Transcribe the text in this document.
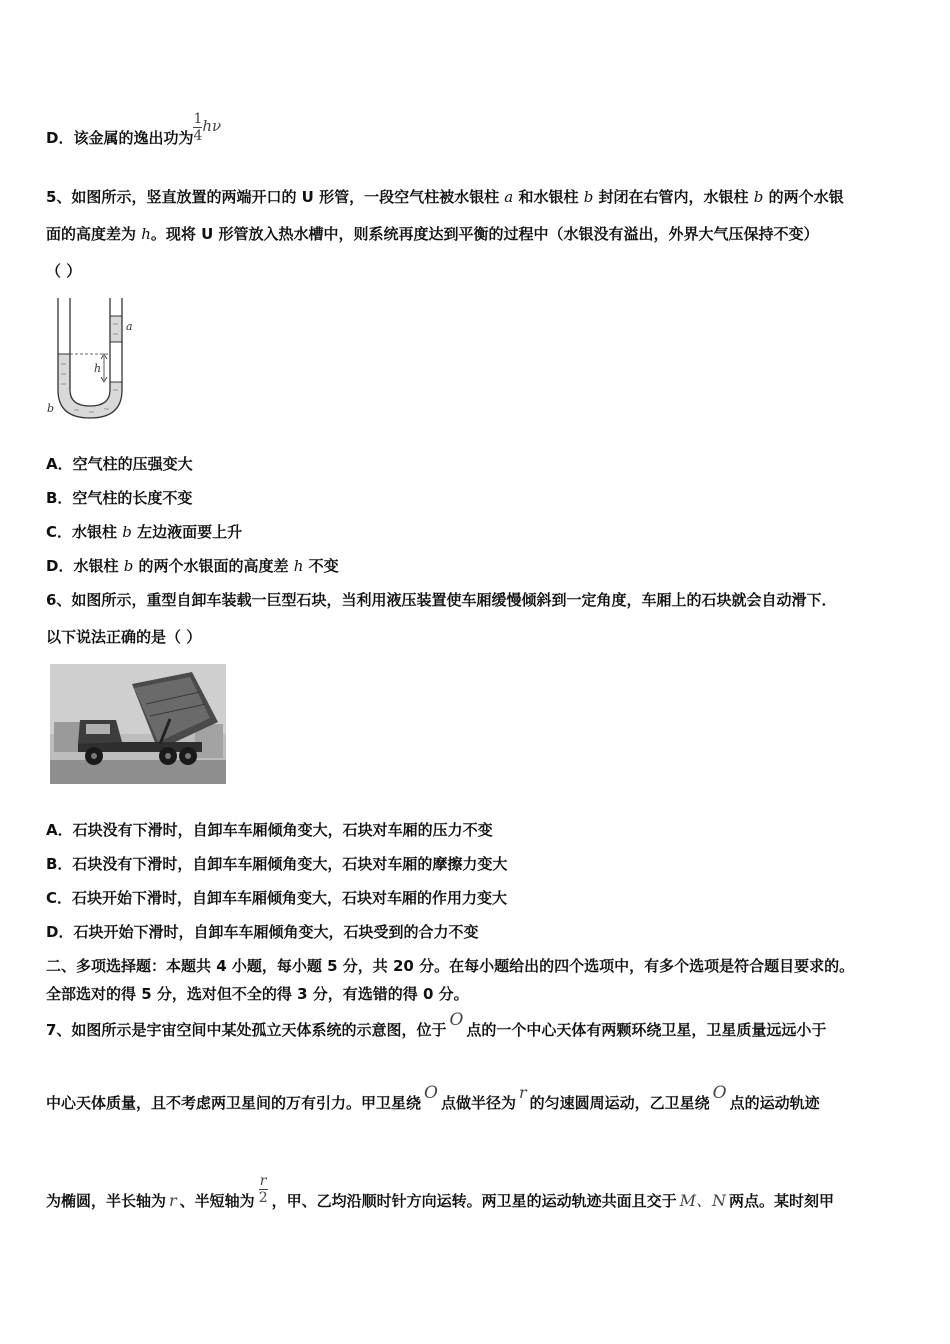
D．该金属的逸出功为 $\frac{1}{4}$ hν
5、如图所示，竖直放置的两端开口的 U 形管，一段空气柱被水银柱 a 和水银柱 b 封闭在右管内，水银柱 b 的两个水银
面的高度差为 h。现将 U 形管放入热水槽中，则系统再度达到平衡的过程中（水银没有溢出，外界大气压保持不变）
（ ）
a
h
b
A．空气柱的压强变大
B．空气柱的长度不变
C．水银柱 b 左边液面要上升
D．水银柱 b 的两个水银面的高度差 h 不变
6、如图所示，重型自卸车装载一巨型石块，当利用液压装置使车厢缓慢倾斜到一定角度，车厢上的石块就会自动滑下．
以下说法正确的是（ ）
A．石块没有下滑时，自卸车车厢倾角变大，石块对车厢的压力不变
B．石块没有下滑时，自卸车车厢倾角变大，石块对车厢的摩擦力变大
C．石块开始下滑时，自卸车车厢倾角变大，石块对车厢的作用力变大
D．石块开始下滑时，自卸车车厢倾角变大，石块受到的合力不变
二、多项选择题：本题共 4 小题，每小题 5 分，共 20 分。在每小题给出的四个选项中，有多个选项是符合题目要求的。
全部选对的得 5 分，选对但不全的得 3 分，有选错的得 0 分。
7、如图所示是宇宙空间中某处孤立天体系统的示意图，位于 O 点的一个中心天体有两颗环绕卫星，卫星质量远远小于
中心天体质量，且不考虑两卫星间的万有引力。甲卫星绕 O 点做半径为r的匀速圆周运动，乙卫星绕 O 点的运动轨迹
为椭圆，半长轴为 r 、半短轴为 $\frac{r}{2}$ ，甲、乙均沿顺时针方向运转。两卫星的运动轨迹共面且交于 M、N 两点。某时刻甲
